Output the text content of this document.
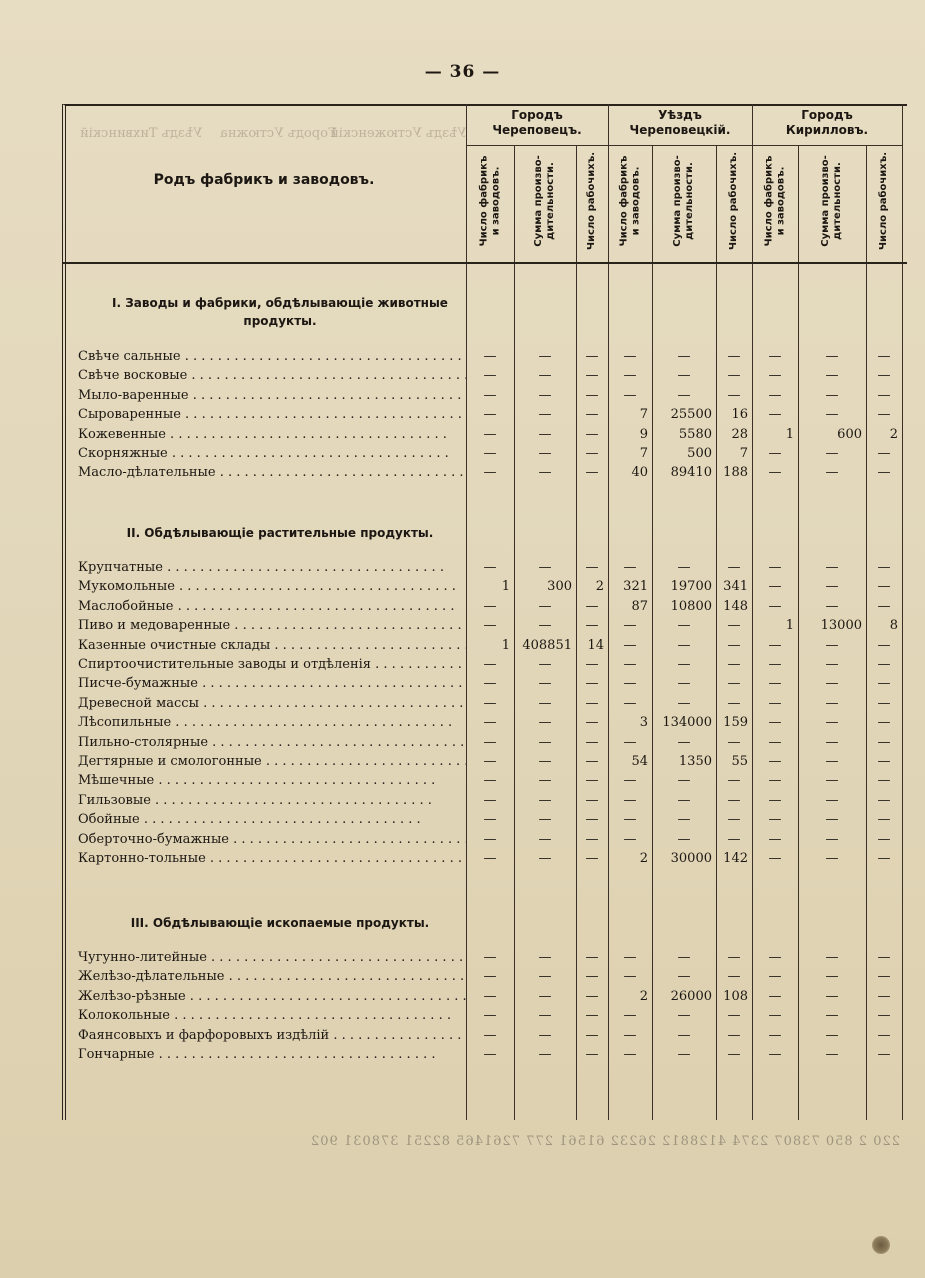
— 36 —
Уѣздъ Тихвинскій Городъ Устюжна
Уѣздъ Устюженскій
220 2 850 73807 2374 4128812 26232 61561 277 7261465 82251 378031 902
Родъ фабрикъ и заводовъ.
Городъ
Череповецъ.
Уѣздъ
Череповецкій.
Городъ
Кирилловъ.
Число фабрикъ
и заводовъ.
Сумма произво-
дительности.	Число рабочихъ. Число фабрикъ
и заводовъ.
Сумма произво-
дительности.	Число рабочихъ. Число фабрикъ
и заводовъ.
Сумма произво-
дительности.	Число рабочихъ.
I. Заводы и фабрики, обдѣлывающіе животные продукты.
Свѣче сальные . . .	—	—	—	—	—	—	—	—	—
Свѣче восковые . . .	—	—	—	—	—	—	—	—	—
Мыло-варенные . . .	—	—	—	—	—	—	—	—	—
Сыроваренные . . .	—	—	—	7	25500	16	—	—	—
Кожевенные . . .	—	—	—	9	5580	28	1	600	2
Скорняжные . . .	—	—	—	7	500	7	—	—	—
Масло-дѣлательные . . .	—	—	—	40	89410 188	—	—	—
II. Обдѣлывающіе растительные продукты.
Крупчатные . . .	—	—	—	—	—	—	—	—	—
Мукомольные . . .	1	300	2	321	19700 341	—	—	—
Маслобойные . . .	—	—	—	87	10800 148	—	—	—
Пиво и медоваренные . . .	—	—	—	—	—	—	1	13000	8
Казенные очистные склады . . .	1 408851	14	—	—	—	—	—	—
Спиртоочистительные заводы и отдѣленія . . .	—	—	—	—	—	—	—	—	—
Писче-бумажные . . .	—	—	—	—	—	—	—	—	—
Древесной массы . . .	—	—	—	—	—	—	—	—	—
Лѣсопильные . . .	—	—	—	3	134000 159	—	—	—
Пильно-столярные . . .	—	—	—	—	—	—	—	—	—
Дегтярные и смологонные . . .	—	—	—	54	1350	55	—	—	—
Мѣшечные . . .	—	—	—	—	—	—	—	—	—
Гильзовые . . .	—	—	—	—	—	—	—	—	—
Обойные . . .	—	—	—	—	—	—	—	—	—
Оберточно-бумажные . . .	—	—	—	—	—	—	—	—	—
Картонно-тольные . . .	—	—	—	2	30000 142	—	—	—
III. Обдѣлывающіе ископаемые продукты.
Чугунно-литейные . . .	—	—	—	—	—	—	—	—	—
Желѣзо-дѣлательные . . .	—	—	—	—	—	—	—	—	—
Желѣзо-рѣзные . . .	—	—	—	2	26000 108	—	—	—
Колокольные . . .	—	—	—	—	—	—	—	—	—
Фаянсовыхъ и фарфоровыхъ издѣлій . . .	—	—	—	—	—	—	—	—	—
Гончарные . . .	—	—	—	—	—	—	—	—	—
